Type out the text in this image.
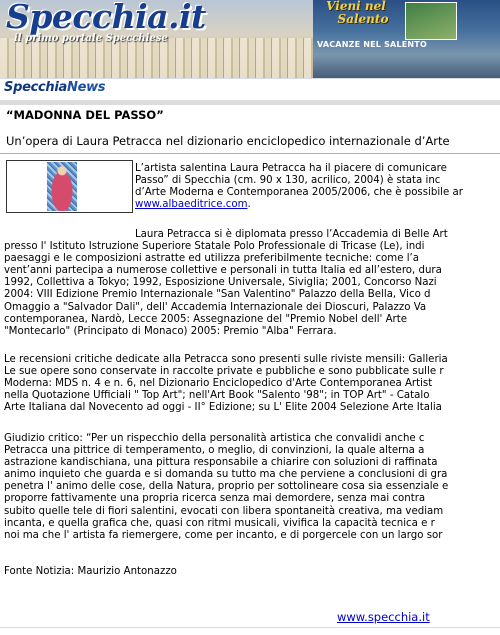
Specchia.it
il primo portale Specchiese
Vieni nel
Salento
VACANZE NEL SALENTO
SpecchiaNews
“MADONNA DEL PASSO”
Un’opera di Laura Petracca nel dizionario enciclopedico internazionale d’Arte
L’artista salentina Laura Petracca ha il piacere di comunicare
Passo” di Specchia (cm. 90 x 130, acrilico, 2004) è stata inc
d’Arte Moderna e Contemporanea 2005/2006, che è possibile ar
www.albaeditrice.com.
Laura Petracca si è diplomata presso l’Accademia di Belle Art
presso l' Istituto Istruzione Superiore Statale Polo Professionale di Tricase (Le), indi
paesaggi e le composizioni astratte ed utilizza preferibilmente tecniche: come l’a
vent’anni partecipa a numerose collettive e personali in tutta Italia ed all’estero, dura
1992, Collettiva a Tokyo; 1992, Esposizione Universale, Siviglia; 2001, Concorso Nazi
2004: VIII Edizione Premio Internazionale "San Valentino" Palazzo della Bella, Vico d
Omaggio a "Salvador Dali", dell' Accademia Internazionale dei Dioscuri, Palazzo Va
contemporanea, Nardò, Lecce 2005: Assegnazione del "Premio Nobel dell' Arte
"Montecarlo" (Principato di Monaco) 2005: Premio "Alba" Ferrara.
Le recensioni critiche dedicate alla Petracca sono presenti sulle riviste mensili: Galleria
Le sue opere sono conservate in raccolte private e pubbliche e sono pubblicate sulle r
Moderna: MDS n. 4 e n. 6, nel Dizionario Enciclopedico d'Arte Contemporanea Artist
nella Quotazione Ufficiali " Top Art"; nell'Art Book "Salento '98"; in TOP Art" - Catalo
Arte Italiana dal Novecento ad oggi - II° Edizione; su L' Elite 2004 Selezione Arte Italia
Giudizio critico: “Per un rispecchio della personalità artistica che convalidi anche c
Petracca una pittrice di temperamento, o meglio, di convinzioni, la quale alterna a
astrazione kandischiana, una pittura responsabile a chiarire con soluzioni di raffinata
animo inquieto che guarda e si domanda su tutto ma che perviene a conclusioni di gra
penetra l' animo delle cose, della Natura, proprio per sottolineare cosa sia essenziale e
proporre fattivamente una propria ricerca senza mai demordere, senza mai contra
subito quelle tele di fiori salentini, evocati con libera spontaneità creativa, ma vediam
incanta, e quella grafica che, quasi con ritmi musicali, vivifica la capacità tecnica e r
noi ma che l' artista fa riemergere, come per incanto, e di porgercele con un largo sor
Fonte Notizia: Maurizio Antonazzo
www.specchia.it
